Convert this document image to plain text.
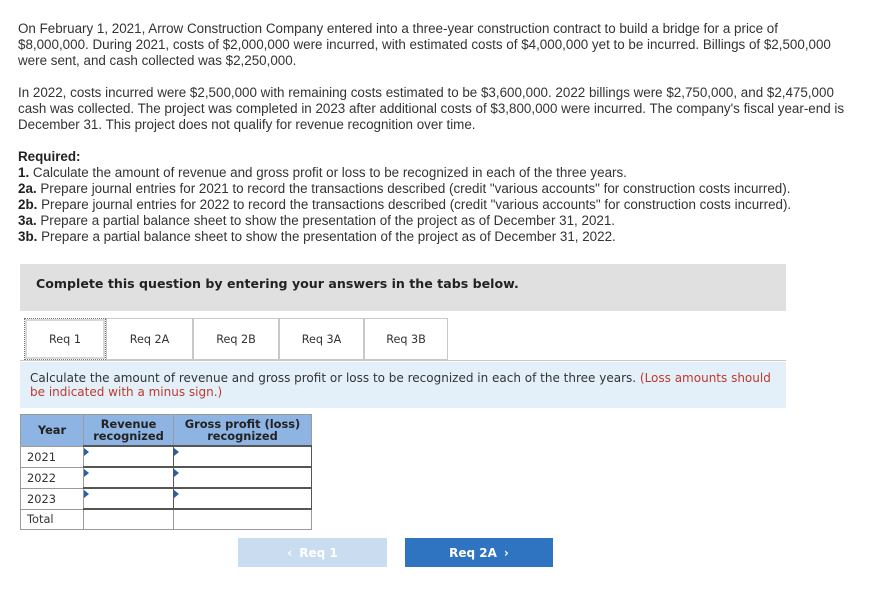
On February 1, 2021, Arrow Construction Company entered into a three-year construction contract to build a bridge for a price of $8,000,000. During 2021, costs of $2,000,000 were incurred, with estimated costs of $4,000,000 yet to be incurred. Billings of $2,500,000 were sent, and cash collected was $2,250,000.

In 2022, costs incurred were $2,500,000 with remaining costs estimated to be $3,600,000. 2022 billings were $2,750,000, and $2,475,000 cash was collected. The project was completed in 2023 after additional costs of $3,800,000 were incurred. The company's fiscal year-end is December 31. This project does not qualify for revenue recognition over time.

Required:
1. Calculate the amount of revenue and gross profit or loss to be recognized in each of the three years.
2a. Prepare journal entries for 2021 to record the transactions described (credit "various accounts" for construction costs incurred).
2b. Prepare journal entries for 2022 to record the transactions described (credit "various accounts" for construction costs incurred).
3a. Prepare a partial balance sheet to show the presentation of the project as of December 31, 2021.
3b. Prepare a partial balance sheet to show the presentation of the project as of December 31, 2022.
Complete this question by entering your answers in the tabs below.
Req 1	Req 2A	Req 2B	Req 3A	Req 3B
Calculate the amount of revenue and gross profit or loss to be recognized in each of the three years. (Loss amounts should be indicated with a minus sign.)
Year	Revenue recognized	Gross profit (loss) recognized
2021	

2022	

2023	

Total		
‹ Req 1	Req 2A ›
